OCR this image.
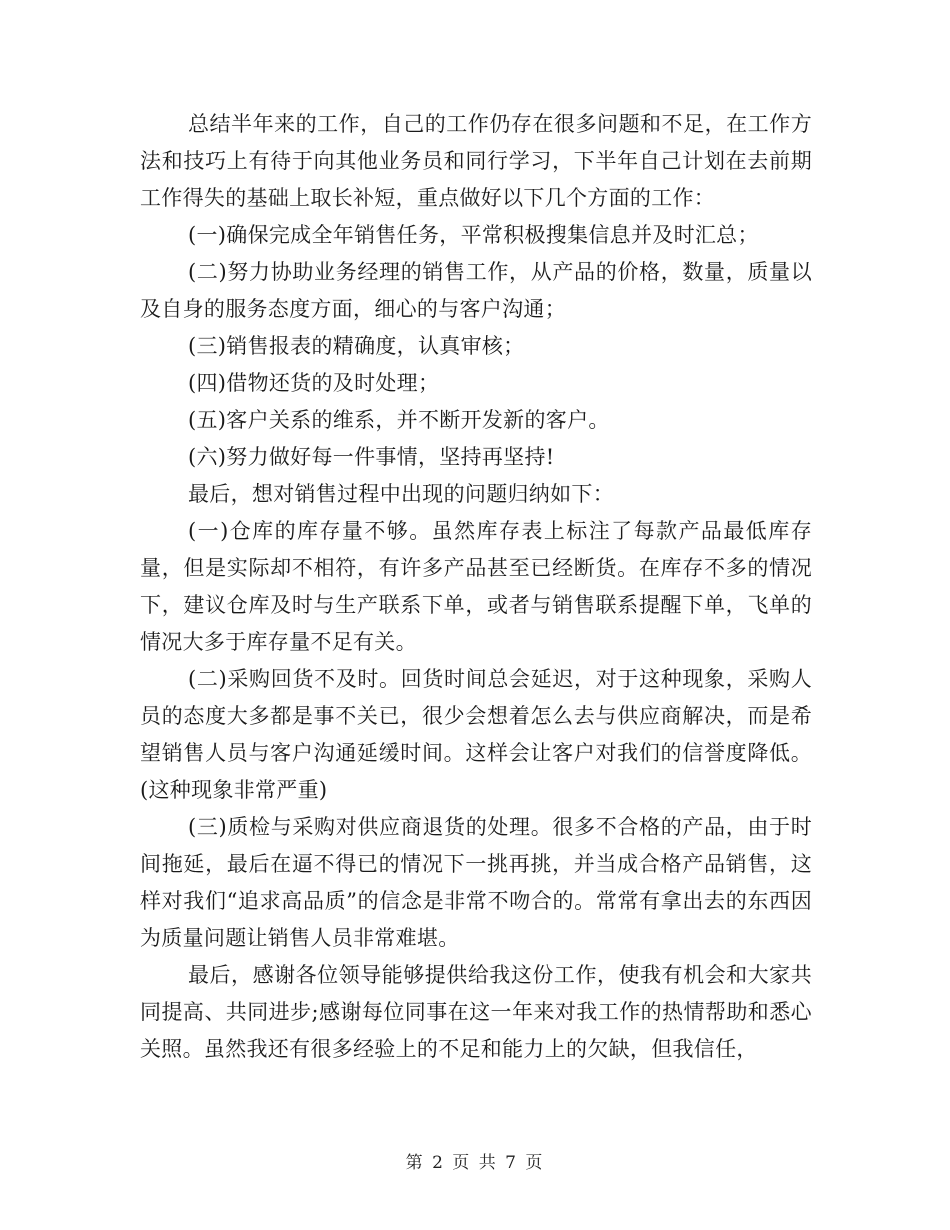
总结半年来的工作，自己的工作仍存在很多问题和不足，在工作方法和技巧上有待于向其他业务员和同行学习，下半年自己计划在去前期工作得失的基础上取长补短，重点做好以下几个方面的工作：

(一)确保完成全年销售任务，平常积极搜集信息并及时汇总；

(二)努力协助业务经理的销售工作，从产品的价格，数量，质量以及自身的服务态度方面，细心的与客户沟通；

(三)销售报表的精确度，认真审核；

(四)借物还货的及时处理；

(五)客户关系的维系，并不断开发新的客户。

(六)努力做好每一件事情，坚持再坚持!

最后，想对销售过程中出现的问题归纳如下：

(一)仓库的库存量不够。虽然库存表上标注了每款产品最低库存量，但是实际却不相符，有许多产品甚至已经断货。在库存不多的情况下，建议仓库及时与生产联系下单，或者与销售联系提醒下单，飞单的情况大多于库存量不足有关。

(二)采购回货不及时。回货时间总会延迟，对于这种现象，采购人员的态度大多都是事不关已，很少会想着怎么去与供应商解决，而是希望销售人员与客户沟通延缓时间。这样会让客户对我们的信誉度降低。(这种现象非常严重)

(三)质检与采购对供应商退货的处理。很多不合格的产品，由于时间拖延，最后在逼不得已的情况下一挑再挑，并当成合格产品销售，这样对我们“追求高品质”的信念是非常不吻合的。常常有拿出去的东西因为质量问题让销售人员非常难堪。

最后，感谢各位领导能够提供给我这份工作，使我有机会和大家共同提高、共同进步;感谢每位同事在这一年来对我工作的热情帮助和悉心关照。虽然我还有很多经验上的不足和能力上的欠缺，但我信任，

第 2 页 共 7 页
